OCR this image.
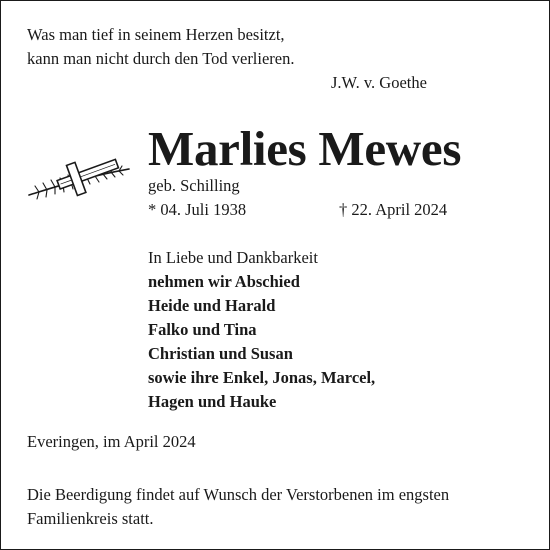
Was man tief in seinem Herzen besitzt,
kann man nicht durch den Tod verlieren.
J.W. v. Goethe
Marlies Mewes
geb. Schilling
* 04. Juli 1938	† 22. April 2024
In Liebe und Dankbarkeit
nehmen wir Abschied
Heide und Harald
Falko und Tina
Christian und Susan
sowie ihre Enkel, Jonas, Marcel,
Hagen und Hauke
Everingen, im April 2024
Die Beerdigung findet auf Wunsch der Verstorbenen im engsten
Familienkreis statt.
